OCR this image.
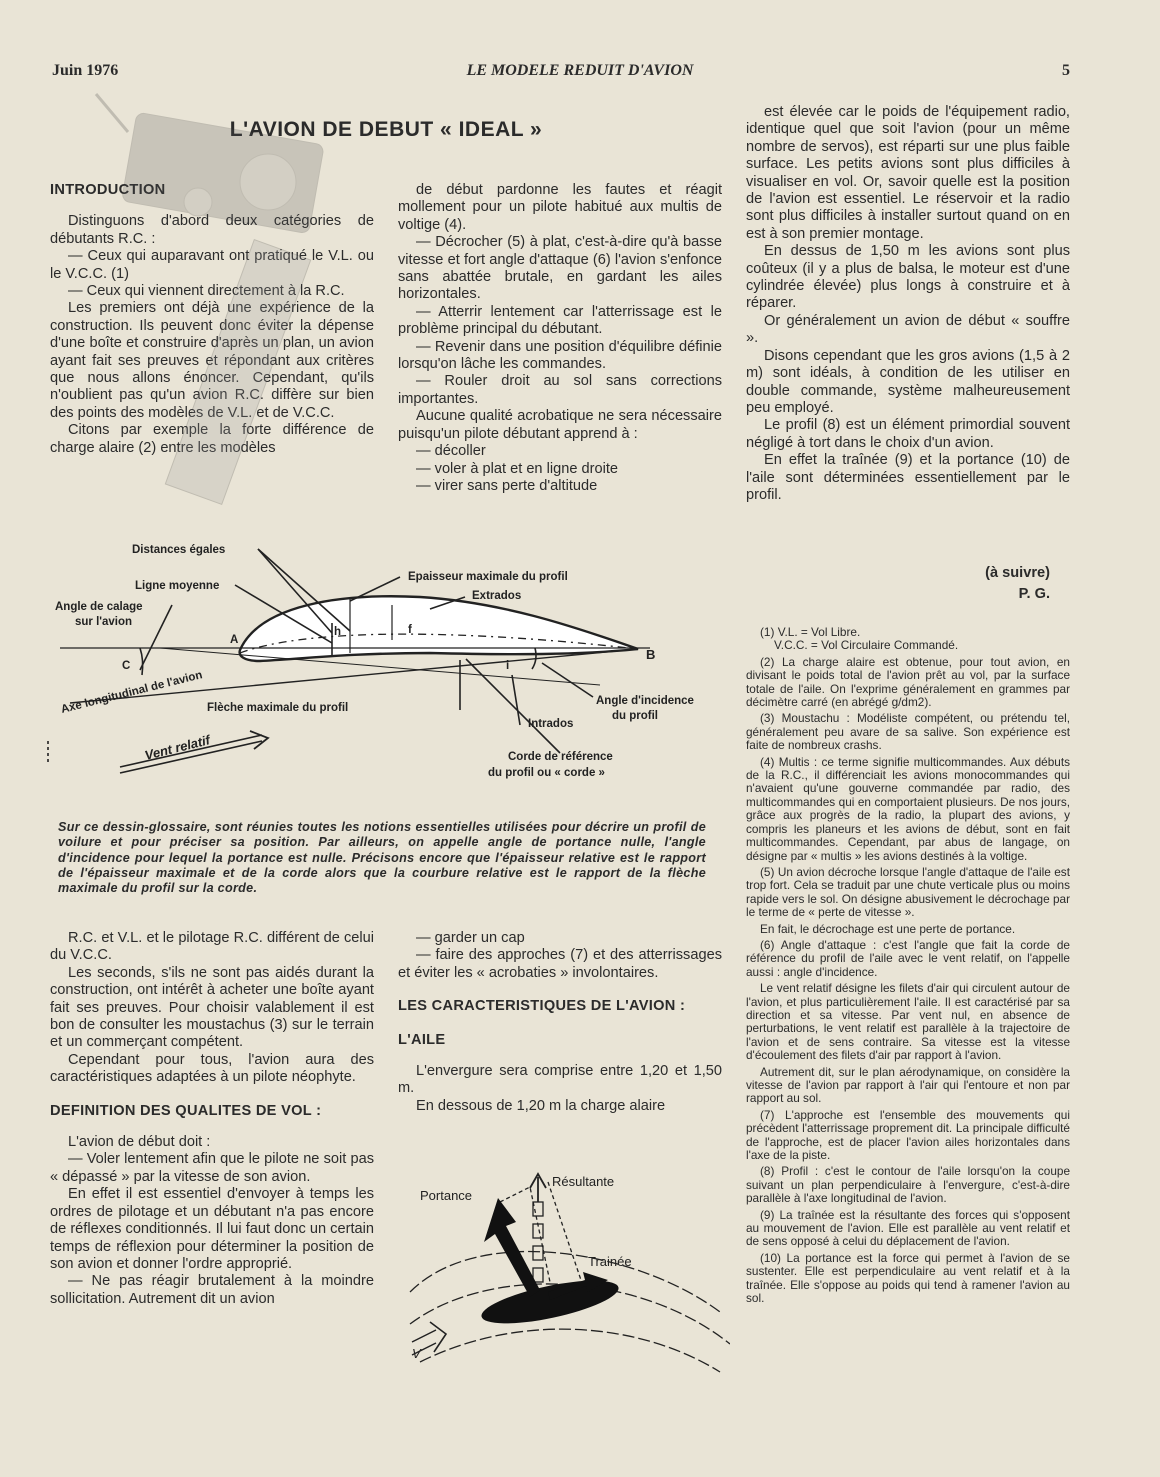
Juin 1976	LE MODELE REDUIT D'AVION	5
L'AVION DE DEBUT « IDEAL »
INTRODUCTION

Distinguons d'abord deux catégories de débutants R.C. :

— Ceux qui auparavant ont pratiqué le V.L. ou le V.C.C. (1)

— Ceux qui viennent directement à la R.C.

Les premiers ont déjà une expérience de la construction. Ils peuvent donc éviter la dépense d'une boîte et construire d'après un plan, un avion ayant fait ses preuves et répondant aux critères que nous allons énoncer. Cependant, qu'ils n'oublient pas qu'un avion R.C. diffère sur bien des points des modèles de V.L. et de V.C.C.

Citons par exemple la forte différence de charge alaire (2) entre les modèles

de début pardonne les fautes et réagit mollement pour un pilote habitué aux multis de voltige (4).

— Décrocher (5) à plat, c'est-à-dire qu'à basse vitesse et fort angle d'attaque (6) l'avion s'enfonce sans abattée brutale, en gardant les ailes horizontales.

— Atterrir lentement car l'atterrissage est le problème principal du débutant.

— Revenir dans une position d'équilibre définie lorsqu'on lâche les commandes.

— Rouler droit au sol sans corrections importantes.

Aucune qualité acrobatique ne sera nécessaire puisqu'un pilote débutant apprend à :

— décoller

— voler à plat et en ligne droite

— virer sans perte d'altitude

est élevée car le poids de l'équipement radio, identique quel que soit l'avion (pour un même nombre de servos), est réparti sur une plus faible surface. Les petits avions sont plus difficiles à visualiser en vol. Or, savoir quelle est la position de l'avion est essentiel. Le réservoir et la radio sont plus difficiles à installer surtout quand on en est à son premier montage.

En dessus de 1,50 m les avions sont plus coûteux (il y a plus de balsa, le moteur est d'une cylindrée élevée) plus longs à construire et à réparer.

Or généralement un avion de début « souffre ».

Disons cependant que les gros avions (1,5 à 2 m) sont idéals, à condition de les utiliser en double commande, système malheureusement peu employé.

Le profil (8) est un élément primordial souvent négligé à tort dans le choix d'un avion.

En effet la traînée (9) et la portance (10) de l'aile sont déterminées essentiellement par le profil.

(à suivre)

P. G.

Distances égales
Ligne moyenne
Angle de calage
sur l'avion
Epaisseur maximale du profil
Extrados
Axe longitudinal de l'avion Flèche maximale du profil
Intrados
Angle d'incidence
du profil
Corde de référence
du profil ou « corde »
Vent relatif
A
B
C
h	f
i
Sur ce dessin-glossaire, sont réunies toutes les notions essentielles utilisées pour décrire un profil de voilure et pour préciser sa position. Par ailleurs, on appelle angle de portance nulle, l'angle d'incidence pour lequel la portance est nulle. Précisons encore que l'épaisseur relative est le rapport de l'épaisseur maximale et de la corde alors que la courbure relative est le rapport de la flèche maximale du profil sur la corde.

R.C. et V.L. et le pilotage R.C. différent de celui du V.C.C.

Les seconds, s'ils ne sont pas aidés durant la construction, ont intérêt à acheter une boîte ayant fait ses preuves. Pour choisir valablement il est bon de consulter les moustachus (3) sur le terrain et un commerçant compétent.

Cependant pour tous, l'avion aura des caractéristiques adaptées à un pilote néophyte.

DEFINITION DES QUALITES DE VOL :

L'avion de début doit :

— Voler lentement afin que le pilote ne soit pas « dépassé » par la vitesse de son avion.

En effet il est essentiel d'envoyer à temps les ordres de pilotage et un débutant n'a pas encore de réflexes conditionnés. Il lui faut donc un certain temps de réflexion pour déterminer la position de son avion et donner l'ordre approprié.

— Ne pas réagir brutalement à la moindre sollicitation. Autrement dit un avion

— garder un cap

— faire des approches (7) et des atterrissages et éviter les « acrobaties » involontaires.

LES CARACTERISTIQUES DE L'AVION :
L'AILE

L'envergure sera comprise entre 1,20 et 1,50 m.

En dessous de 1,20 m la charge alaire

Portance
Résultante
Trainée
V

(1) V.L. = Vol Libre.

V.C.C. = Vol Circulaire Commandé.

(2) La charge alaire est obtenue, pour tout avion, en divisant le poids total de l'avion prêt au vol, par la surface totale de l'aile. On l'exprime généralement en grammes par décimètre carré (en abrégé g/dm2).

(3) Moustachu : Modéliste compétent, ou prétendu tel, généralement peu avare de sa salive. Son expérience est faite de nombreux crashs.

(4) Multis : ce terme signifie multicommandes. Aux débuts de la R.C., il différenciait les avions monocommandes qui n'avaient qu'une gouverne commandée par radio, des multicommandes qui en comportaient plusieurs. De nos jours, grâce aux progrès de la radio, la plupart des avions, y compris les planeurs et les avions de début, sont en fait multicommandes. Cependant, par abus de langage, on désigne par « multis » les avions destinés à la voltige.

(5) Un avion décroche lorsque l'angle d'attaque de l'aile est trop fort. Cela se traduit par une chute verticale plus ou moins rapide vers le sol. On désigne abusivement le décrochage par le terme de « perte de vitesse ».

En fait, le décrochage est une perte de portance.

(6) Angle d'attaque : c'est l'angle que fait la corde de référence du profil de l'aile avec le vent relatif, on l'appelle aussi : angle d'incidence.

Le vent relatif désigne les filets d'air qui circulent autour de l'avion, et plus particulièrement l'aile. Il est caractérisé par sa direction et sa vitesse. Par vent nul, en absence de perturbations, le vent relatif est parallèle à la trajectoire de l'avion et de sens contraire. Sa vitesse est la vitesse d'écoulement des filets d'air par rapport à l'avion.

Autrement dit, sur le plan aérodynamique, on considère la vitesse de l'avion par rapport à l'air qui l'entoure et non par rapport au sol.

(7) L'approche est l'ensemble des mouvements qui précèdent l'atterrissage proprement dit. La principale difficulté de l'approche, est de placer l'avion ailes horizontales dans l'axe de la piste.

(8) Profil : c'est le contour de l'aile lorsqu'on la coupe suivant un plan perpendiculaire à l'envergure, c'est-à-dire parallèle à l'axe longitudinal de l'avion.

(9) La traînée est la résultante des forces qui s'opposent au mouvement de l'avion. Elle est parallèle au vent relatif et de sens opposé à celui du déplacement de l'avion.

(10) La portance est la force qui permet à l'avion de se sustenter. Elle est perpendiculaire au vent relatif et à la traînée. Elle s'oppose au poids qui tend à ramener l'avion au sol.
